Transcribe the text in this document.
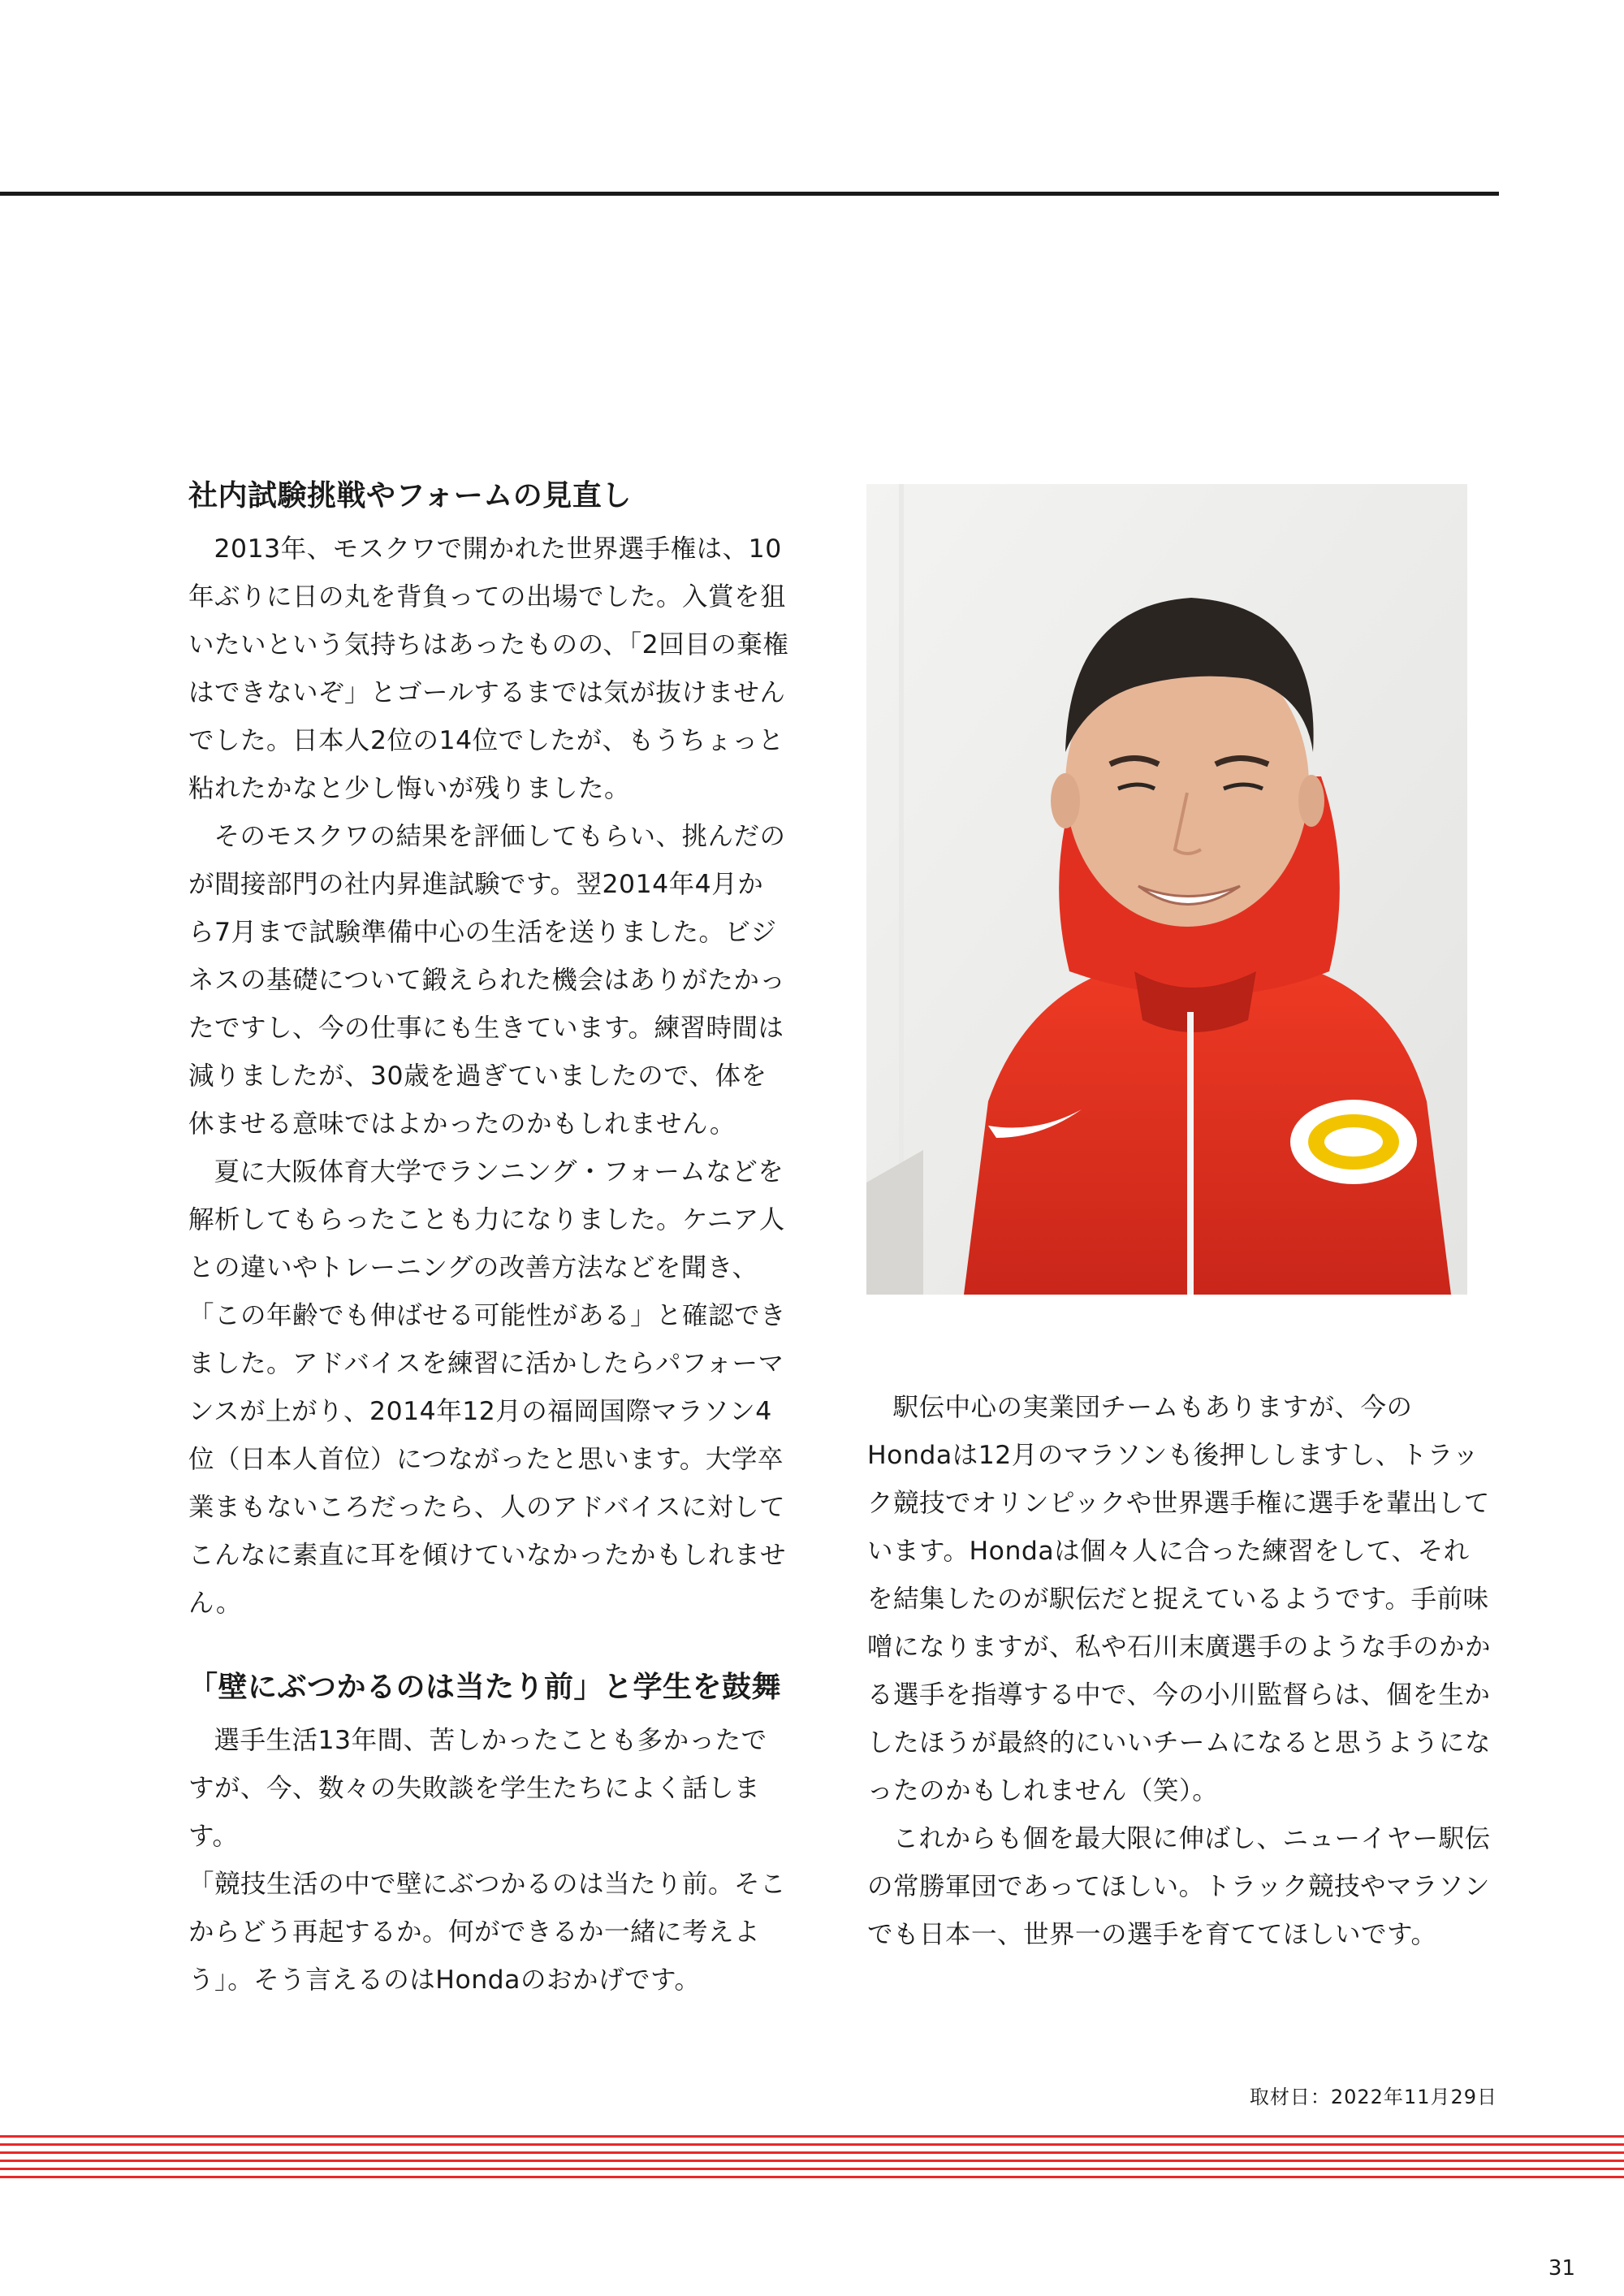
社内試験挑戦やフォームの見直し

2013年、モスクワで開かれた世界選手権は、10年ぶりに日の丸を背負っての出場でした。入賞を狙いたいという気持ちはあったものの、「2回目の棄権はできないぞ」とゴールするまでは気が抜けませんでした。日本人2位の14位でしたが、もうちょっと粘れたかなと少し悔いが残りました。

そのモスクワの結果を評価してもらい、挑んだのが間接部門の社内昇進試験です。翌2014年4月から7月まで試験準備中心の生活を送りました。ビジネスの基礎について鍛えられた機会はありがたかったですし、今の仕事にも生きています。練習時間は減りましたが、30歳を過ぎていましたので、体を休ませる意味ではよかったのかもしれません。

夏に大阪体育大学でランニング・フォームなどを解析してもらったことも力になりました。ケニア人との違いやトレーニングの改善方法などを聞き、「この年齢でも伸ばせる可能性がある」と確認できました。アドバイスを練習に活かしたらパフォーマンスが上がり、2014年12月の福岡国際マラソン4位（日本人首位）につながったと思います。大学卒業まもないころだったら、人のアドバイスに対してこんなに素直に耳を傾けていなかったかもしれません。

「壁にぶつかるのは当たり前」と学生を鼓舞

選手生活13年間、苦しかったことも多かったですが、今、数々の失敗談を学生たちによく話します。

「競技生活の中で壁にぶつかるのは当たり前。そこからどう再起するか。何ができるか一緒に考えよう」。そう言えるのはHondaのおかげです。

駅伝中心の実業団チームもありますが、今のHondaは12月のマラソンも後押ししますし、トラック競技でオリンピックや世界選手権に選手を輩出しています。Hondaは個々人に合った練習をして、それを結集したのが駅伝だと捉えているようです。手前味噌になりますが、私や石川末廣選手のような手のかかる選手を指導する中で、今の小川監督らは、個を生かしたほうが最終的にいいチームになると思うようになったのかもしれません（笑）。

これからも個を最大限に伸ばし、ニューイヤー駅伝の常勝軍団であってほしい。トラック競技やマラソンでも日本一、世界一の選手を育ててほしいです。

取材日：2022年11月29日
31
